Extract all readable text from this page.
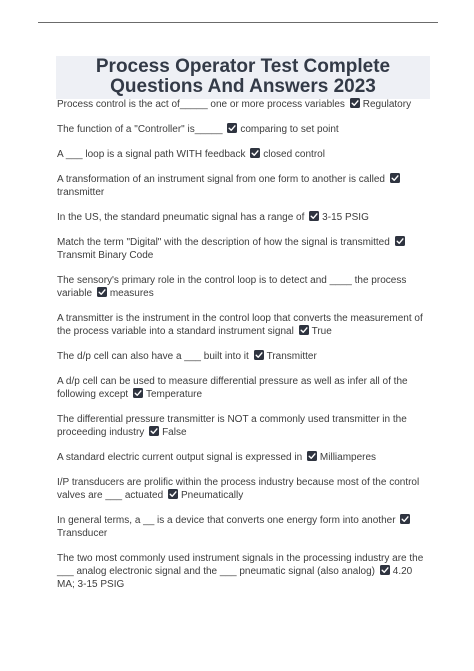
Process Operator Test Complete Questions And Answers 2023

Process control is the act of_____ one or more process variables Regulatory

The function of a "Controller" is_____ comparing to set point

A ___ loop is a signal path WITH feedback closed control

A transformation of an instrument signal from one form to another is called

transmitter

In the US, the standard pneumatic signal has a range of 3-15 PSIG

Match the term "Digital" with the description of how the signal is transmitted

Transmit Binary Code

The sensory's primary role in the control loop is to detect and ____ the process variable measures

A transmitter is the instrument in the control loop that converts the measurement of the process variable into a standard instrument signal True

The d/p cell can also have a ___ built into it Transmitter

A d/p cell can be used to measure differential pressure as well as infer all of the following except Temperature

The differential pressure transmitter is NOT a commonly used transmitter in the proceeding industry False

A standard electric current output signal is expressed in Milliamperes

I/P transducers are prolific within the process industry because most of the control valves are ___ actuated Pneumatically

In general terms, a __ is a device that converts one energy form into another

Transducer

The two most commonly used instrument signals in the processing industry are the ___ analog electronic signal and the ___ pneumatic signal (also analog) 4.20 MA; 3-15 PSIG
